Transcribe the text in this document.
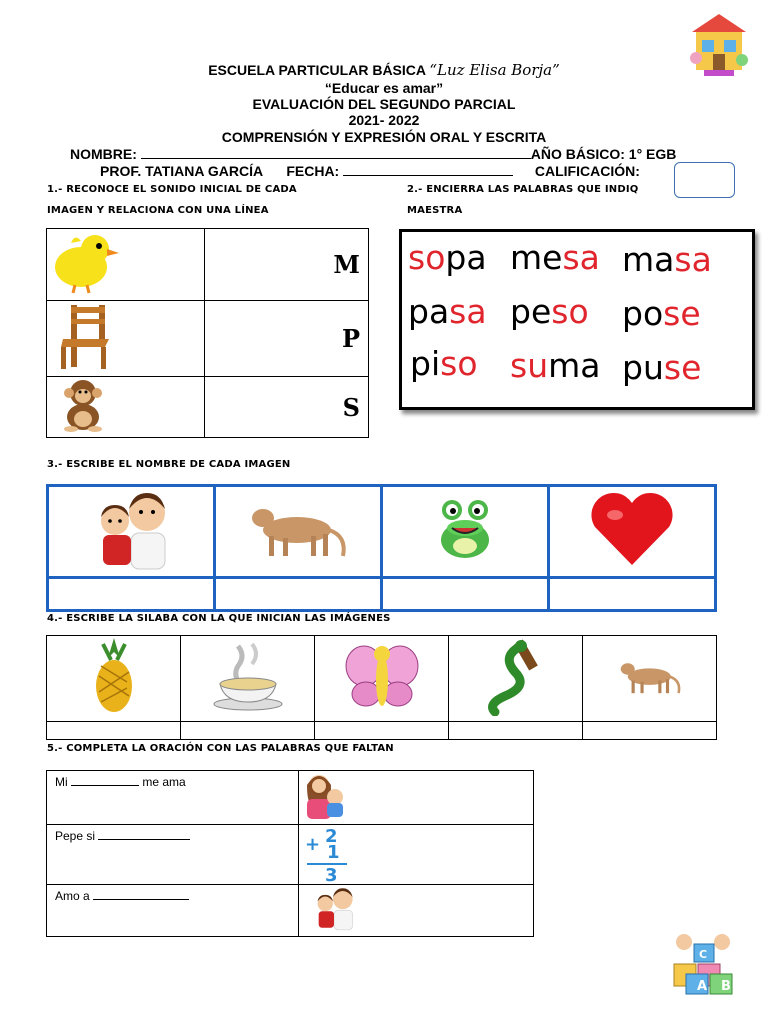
ESCUELA PARTICULAR BÁSICA “Luz Elisa Borja”
“Educar es amar”
EVALUACIÓN DEL SEGUNDO PARCIAL
2021- 2022
COMPRENSIÓN Y EXPRESIÓN ORAL Y ESCRITA
NOMBRE:	AÑO BÁSICO: 1° EGB
PROF. TATIANA GARCÍA FECHA:	CALIFICACIÓN:
1.- RECONOCE EL SONIDO INICIAL DE CADA
IMAGEN Y RELACIONA CON UNA LÍNEA
	M
	P
	S
2.- ENCIERRA LAS PALABRAS QUE INDIQ
MAESTRA
sopa mesa masa
pasa peso pose
piso suma puse
3.- ESCRIBE EL NOMBRE DE CADA IMAGEN

4.- ESCRIBE LA SILABA CON LA QUE INICIAN LAS IMÁGENES

5.- COMPLETA LA ORACIÓN CON LAS PALABRAS QUE FALTAN
Mi me ama	
Pepe si	+ 2
1
3

Amo a	
A B
C
